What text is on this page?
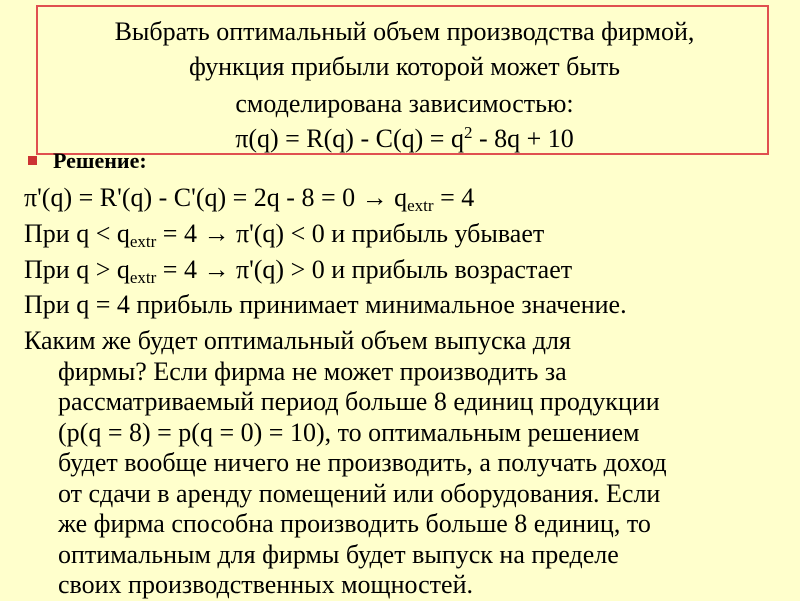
Выбрать оптимальный объем производства фирмой,
функция прибыли которой может быть
смоделирована зависимостью:
$\pi(q) = R(q) - C(q) = q^2 - 8q + 10$
Решение:
$\pi'(q) = R'(q) - C'(q) = 2q - 8 = 0 \to q_{extr} = 4$
При $q < q_{extr} = 4 \to \pi'(q) < 0$ и прибыль убывает
При $q > q_{extr} = 4 \to \pi'(q) > 0$ и прибыль возрастает
При q = 4 прибыль принимает минимальное значение.
Каким же будет оптимальный объем выпуска для
фирмы? Если фирма не может производить за
рассматриваемый период больше 8 единиц продукции
(p(q = 8) = p(q = 0) = 10), то оптимальным решением
будет вообще ничего не производить, а получать доход
от сдачи в аренду помещений или оборудования. Если
же фирма способна производить больше 8 единиц, то
оптимальным для фирмы будет выпуск на пределе
своих производственных мощностей.
